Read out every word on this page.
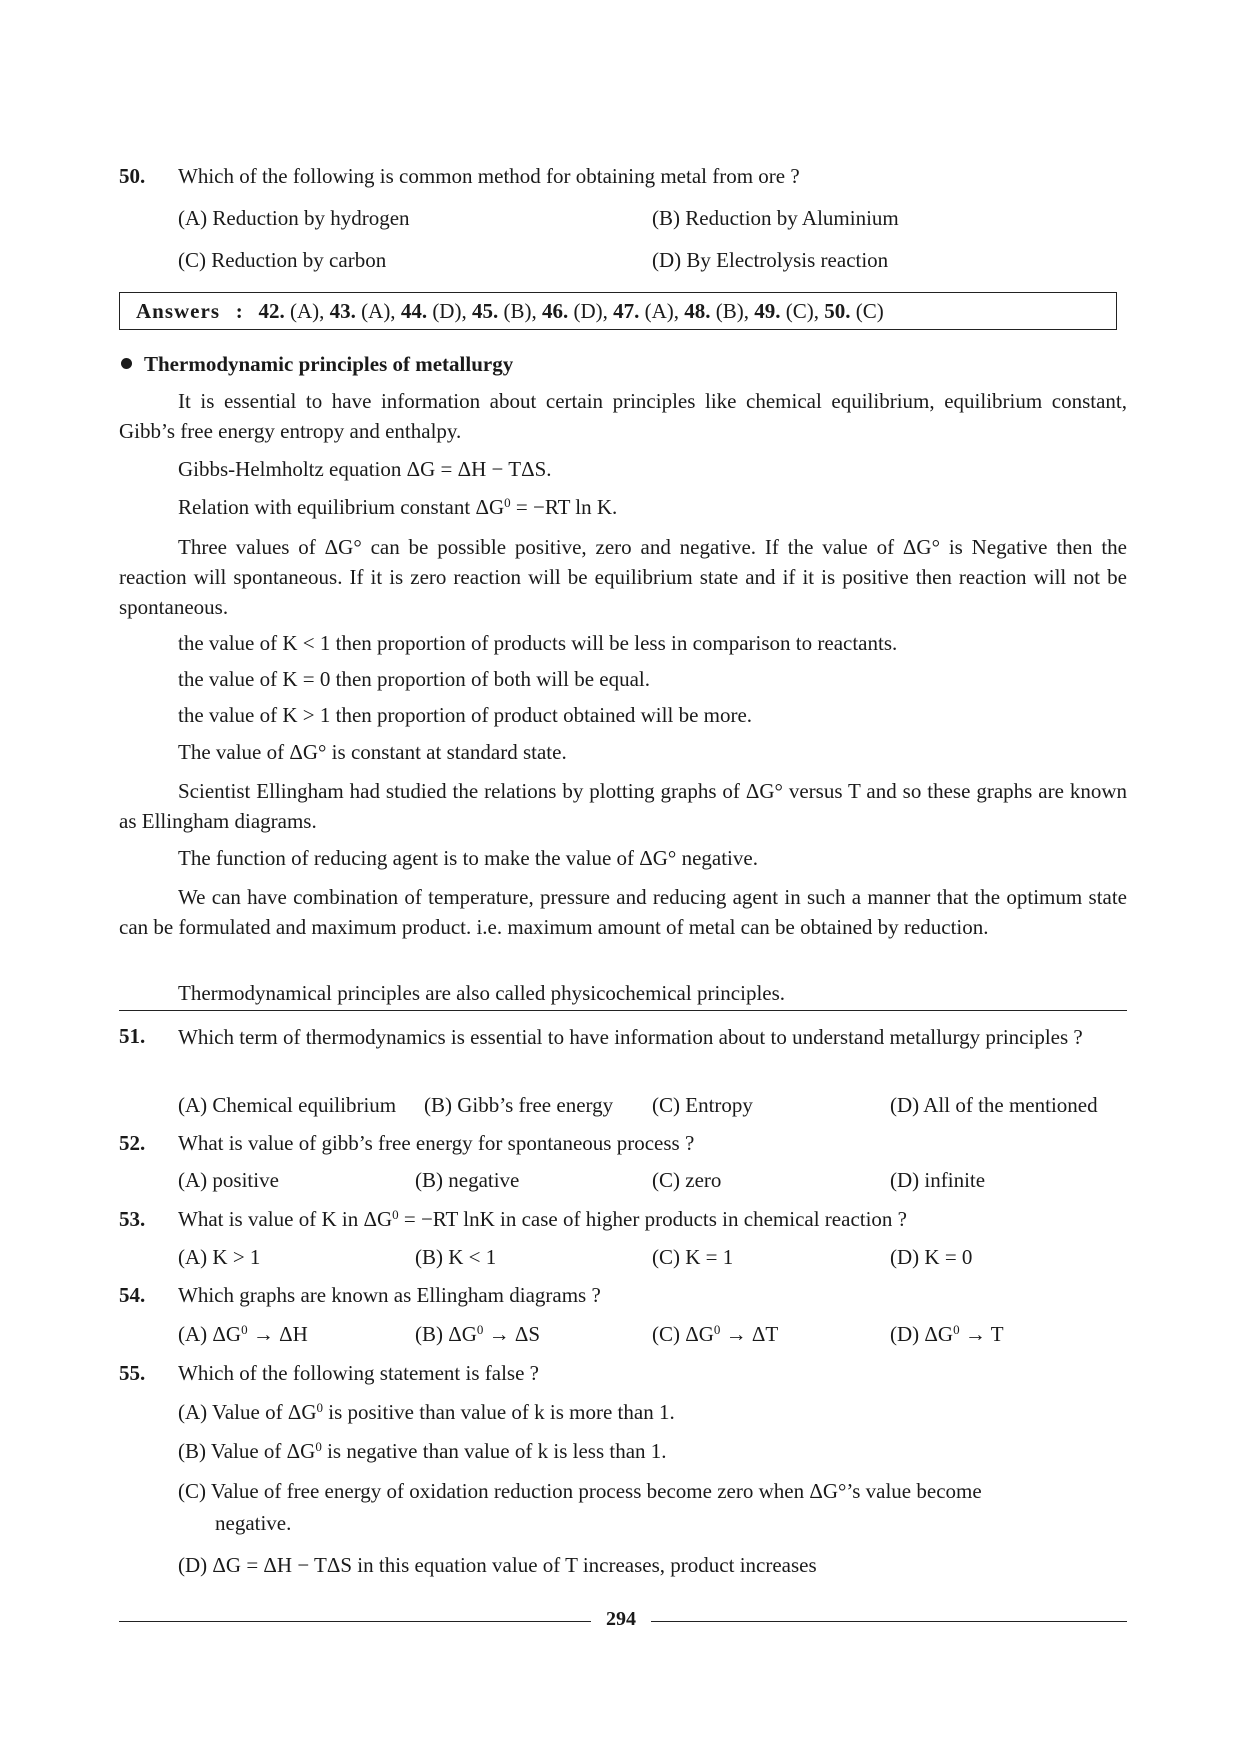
50. Which of the following is common method for obtaining metal from ore ?
(A) Reduction by hydrogen	(B) Reduction by Aluminium
(C) Reduction by carbon	(D) By Electrolysis reaction
Answers : 42. (A), 43. (A), 44. (D), 45. (B), 46. (D), 47. (A), 48. (B), 49. (C), 50. (C)
Thermodynamic principles of metallurgy
It is essential to have information about certain principles like chemical equilibrium, equilibrium constant, Gibb’s free energy entropy and enthalpy.
Gibbs-Helmholtz equation ΔG = ΔH − TΔS.
Relation with equilibrium constant $\Delta G^0 = -RT$ ln K.
Three values of ΔG° can be possible positive, zero and negative. If the value of ΔG° is Negative then the reaction will spontaneous. If it is zero reaction will be equilibrium state and if it is positive then reaction will not be spontaneous.
the value of K < 1 then proportion of products will be less in comparison to reactants.
the value of K = 0 then proportion of both will be equal.
the value of K > 1 then proportion of product obtained will be more.
The value of ΔG° is constant at standard state.
Scientist Ellingham had studied the relations by plotting graphs of ΔG° versus T and so these graphs are known as Ellingham diagrams.
The function of reducing agent is to make the value of ΔG° negative.
We can have combination of temperature, pressure and reducing agent in such a manner that the optimum state can be formulated and maximum product. i.e. maximum amount of metal can be obtained by reduction.
Thermodynamical principles are also called physicochemical principles.
51. Which term of thermodynamics is essential to have information about to understand metallurgy principles ?
(A) Chemical equilibrium (B) Gibb’s free energy (C) Entropy	(D) All of the mentioned
52. What is value of gibb’s free energy for spontaneous process ?
(A) positive	(B) negative	(C) zero	(D) infinite
53. What is value of K in $\Delta G^0 = -RT$ lnK in case of higher products in chemical reaction ?
(A) K > 1	(B) K < 1	(C) K = 1	(D) K = 0
54. Which graphs are known as Ellingham diagrams ?
(A) $\Delta G^0 \to \Delta H$	(B) $\Delta G^0 \to \Delta S$	(C) $\Delta G^0 \to \Delta T$	(D) $\Delta G^0 \to T$
55. Which of the following statement is false ?
(A) Value of $\Delta G^0$ is positive than value of k is more than 1.
(B) Value of $\Delta G^0$ is negative than value of k is less than 1.
(C) Value of free energy of oxidation reduction process become zero when ΔG°’s value become
negative.
(D) ΔG = ΔH − TΔS in this equation value of T increases, product increases
294
